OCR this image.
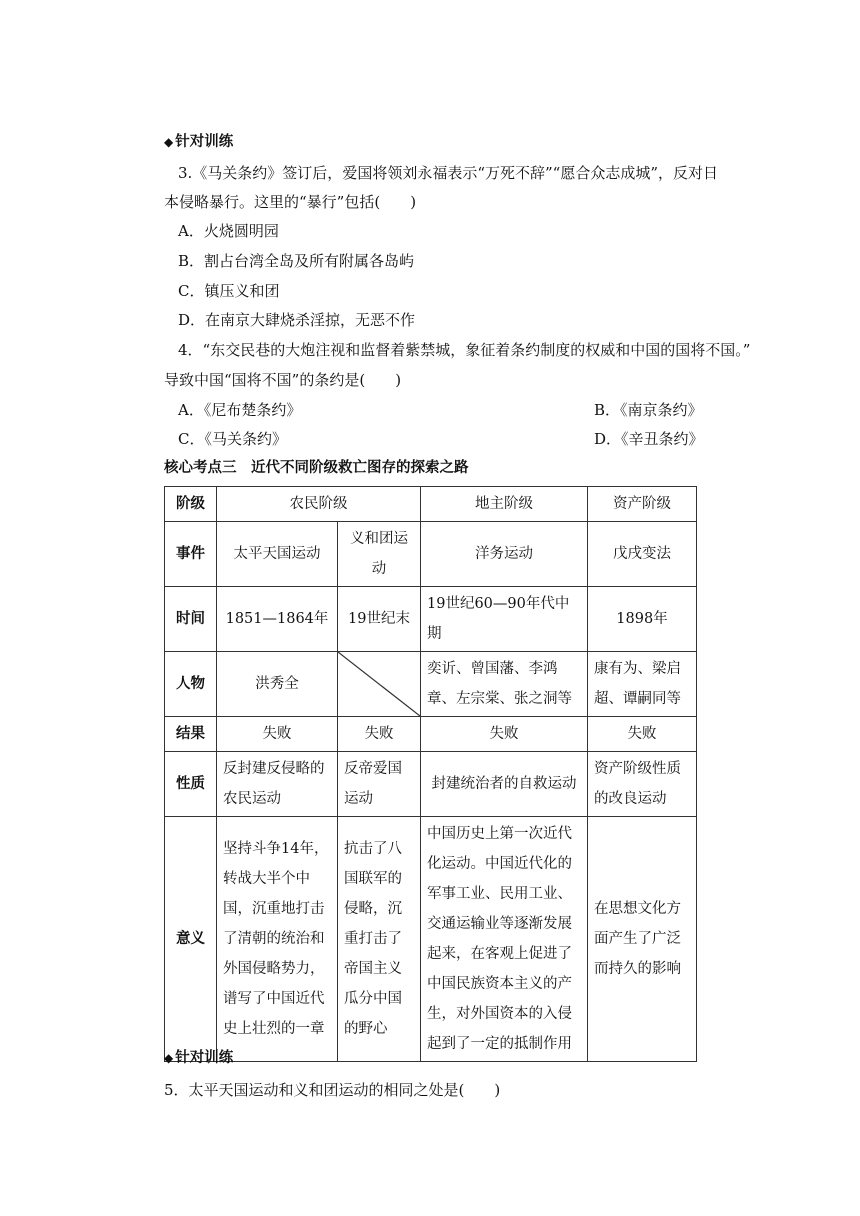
◆ 针对训练
3.《马关条约》签订后，爱国将领刘永福表示“万死不辞”“愿合众志成城”，反对日
本侵略暴行。这里的“暴行”包括(　　)
A．火烧圆明园
B．割占台湾全岛及所有附属各岛屿
C．镇压义和团
D．在南京大肆烧杀淫掠，无恶不作
4．“东交民巷的大炮注视和监督着紫禁城，象征着条约制度的权威和中国的国将不国。”
导致中国“国将不国”的条约是(　　)
A．《尼布楚条约》	B．《南京条约》
C．《马关条约》	D．《辛丑条约》
核心考点三　近代不同阶级救亡图存的探索之路
阶级	农民阶级		地主阶级	资产阶级
事件	太平天国运动	义和团运动	洋务运动	戊戌变法
时间	1851—1864年	19世纪末	19世纪60—90年代中期	1898年
人物	洪秀全		奕䜣、曾国藩、李鸿章、左宗棠、张之洞等	康有为、梁启超、谭嗣同等
结果	失败	失败	失败	失败
性质	反封建反侵略的农民运动	反帝爱国运动	封建统治者的自救运动	资产阶级性质的改良运动
意义	坚持斗争14年，转战大半个中国，沉重地打击了清朝的统治和外国侵略势力，谱写了中国近代史上壮烈的一章	抗击了八国联军的侵略，沉重打击了帝国主义瓜分中国的野心	中国历史上第一次近代化运动。中国近代化的军事工业、民用工业、交通运输业等逐渐发展起来，在客观上促进了中国民族资本主义的产生，对外国资本的入侵起到了一定的抵制作用	在思想文化方面产生了广泛而持久的影响
◆ 针对训练
5．太平天国运动和义和团运动的相同之处是(　　)
